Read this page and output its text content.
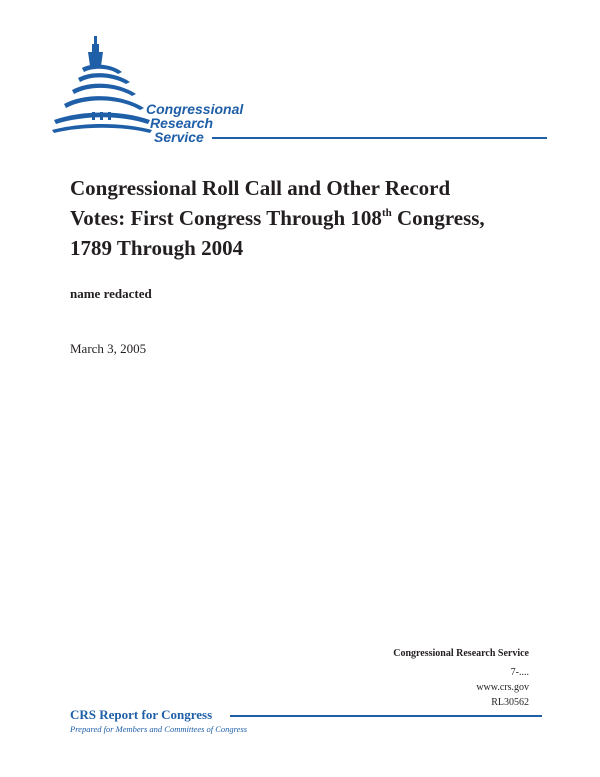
Congressional
Research
Service
Congressional Roll Call and Other Record
Votes: First Congress Through 108th Congress,
1789 Through 2004
name redacted
March 3, 2005
Congressional Research Service
7-....
www.crs.gov
RL30562
CRS Report for Congress
Prepared for Members and Committees of Congress
